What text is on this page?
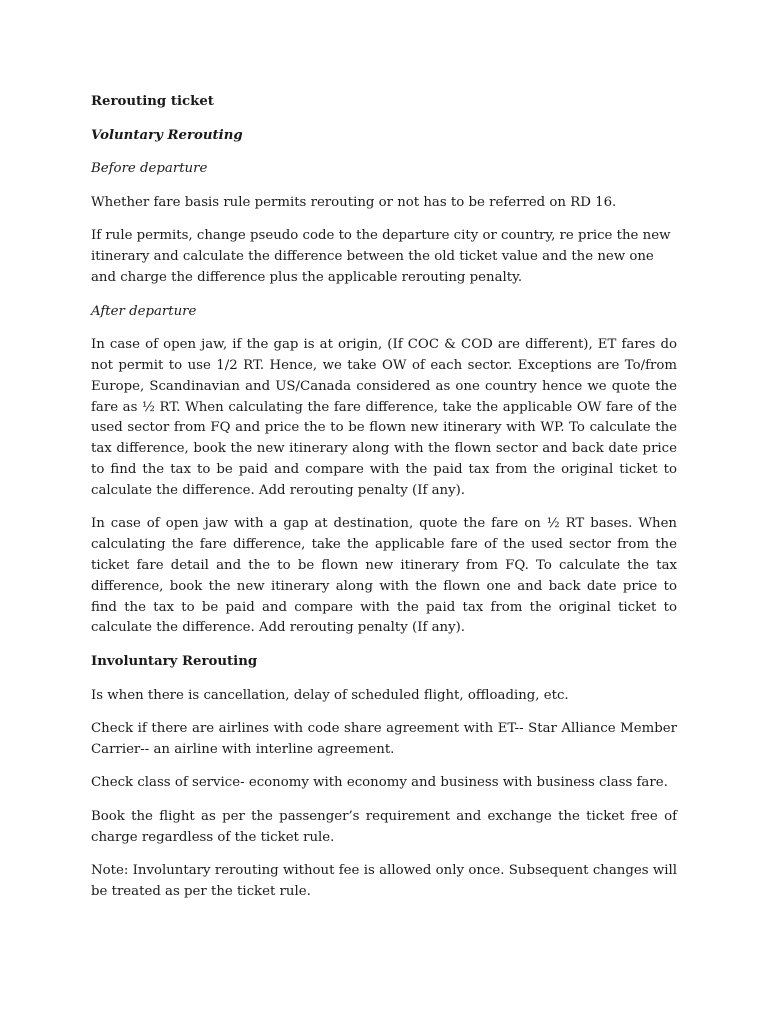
Rerouting ticket

Voluntary Rerouting

Before departure

Whether fare basis rule permits rerouting or not has to be referred on RD 16.

If rule permits, change pseudo code to the departure city or country, re price the new itinerary and calculate the difference between the old ticket value and the new one and charge the difference plus the applicable rerouting penalty.

After departure

In case of open jaw, if the gap is at origin, (If COC & COD are different), ET fares do not permit to use 1/2 RT. Hence, we take OW of each sector. Exceptions are To/from Europe, Scandinavian and US/Canada considered as one country hence we quote the fare as ½ RT. When calculating the fare difference, take the applicable OW fare of the used sector from FQ and price the to be flown new itinerary with WP. To calculate the tax difference, book the new itinerary along with the flown sector and back date price to find the tax to be paid and compare with the paid tax from the original ticket to calculate the difference. Add rerouting penalty (If any).

In case of open jaw with a gap at destination, quote the fare on ½ RT bases. When calculating the fare difference, take the applicable fare of the used sector from the ticket fare detail and the to be flown new itinerary from FQ. To calculate the tax difference, book the new itinerary along with the flown one and back date price to find the tax to be paid and compare with the paid tax from the original ticket to calculate the difference. Add rerouting penalty (If any).

Involuntary Rerouting

Is when there is cancellation, delay of scheduled flight, offloading, etc.

Check if there are airlines with code share agreement with ET-- Star Alliance Member Carrier-- an airline with interline agreement.

Check class of service- economy with economy and business with business class fare.

Book the flight as per the passenger’s requirement and exchange the ticket free of charge regardless of the ticket rule.

Note: Involuntary rerouting without fee is allowed only once. Subsequent changes will be treated as per the ticket rule.
